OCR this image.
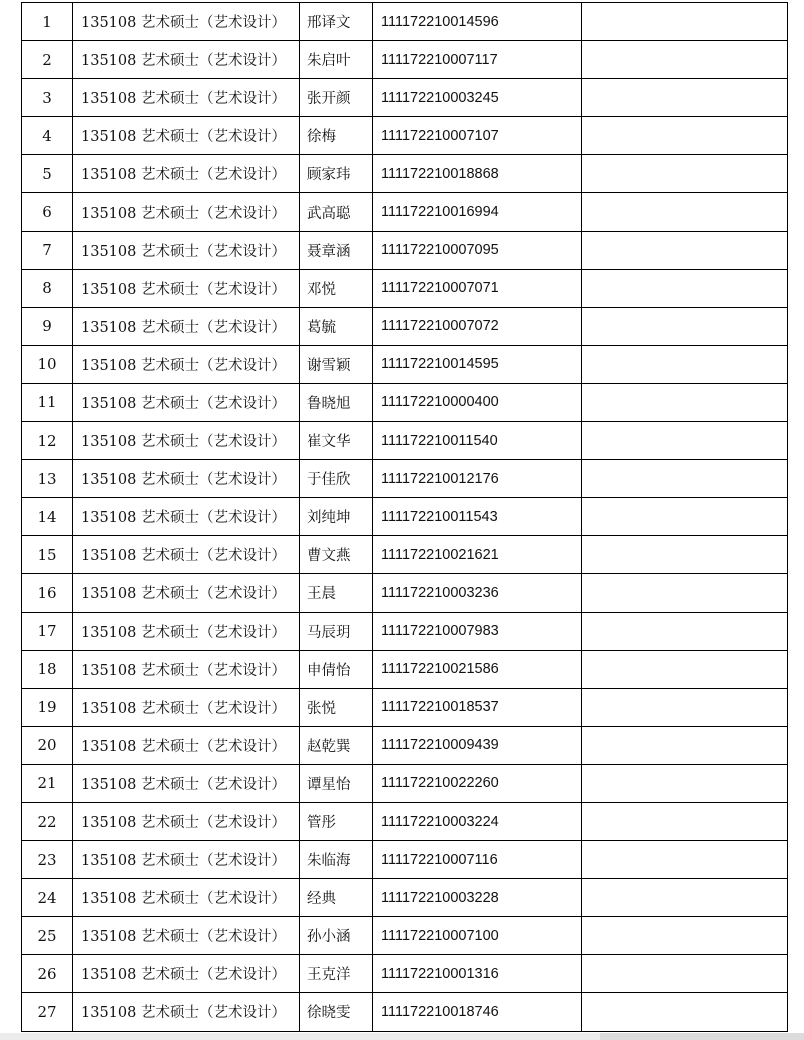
1	135108 艺术硕士（艺术设计）	邢译文	111172210014596	
2	135108 艺术硕士（艺术设计）	朱启叶	111172210007117	
3	135108 艺术硕士（艺术设计）	张开颜	111172210003245	
4	135108 艺术硕士（艺术设计）	徐梅	111172210007107	
5	135108 艺术硕士（艺术设计）	顾家玮	111172210018868	
6	135108 艺术硕士（艺术设计）	武高聪	111172210016994	
7	135108 艺术硕士（艺术设计）	聂章涵	111172210007095	
8	135108 艺术硕士（艺术设计）	邓悦	111172210007071	
9	135108 艺术硕士（艺术设计）	葛毓	111172210007072	
10	135108 艺术硕士（艺术设计）	谢雪颖	111172210014595	
11	135108 艺术硕士（艺术设计）	鲁晓旭	111172210000400	
12	135108 艺术硕士（艺术设计）	崔文华	111172210011540	
13	135108 艺术硕士（艺术设计）	于佳欣	111172210012176	
14	135108 艺术硕士（艺术设计）	刘纯坤	111172210011543	
15	135108 艺术硕士（艺术设计）	曹文燕	111172210021621	
16	135108 艺术硕士（艺术设计）	王晨	111172210003236	
17	135108 艺术硕士（艺术设计）	马辰玥	111172210007983	
18	135108 艺术硕士（艺术设计）	申倩怡	111172210021586	
19	135108 艺术硕士（艺术设计）	张悦	111172210018537	
20	135108 艺术硕士（艺术设计）	赵乾巽	111172210009439	
21	135108 艺术硕士（艺术设计）	谭星怡	111172210022260	
22	135108 艺术硕士（艺术设计）	管彤	111172210003224	
23	135108 艺术硕士（艺术设计）	朱临海	111172210007116	
24	135108 艺术硕士（艺术设计）	经典	111172210003228	
25	135108 艺术硕士（艺术设计）	孙小涵	111172210007100	
26	135108 艺术硕士（艺术设计）	王克洋	111172210001316	
27	135108 艺术硕士（艺术设计）	徐晓雯	111172210018746	
